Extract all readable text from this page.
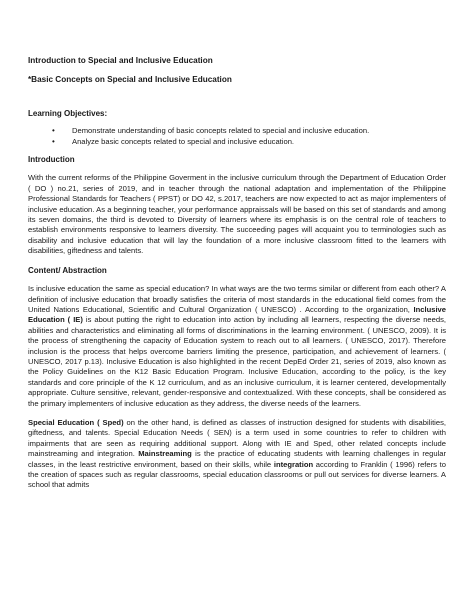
Introduction to Special and Inclusive Education
*Basic Concepts on Special and Inclusive Education
Learning Objectives:
• Demonstrate understanding of basic concepts related to special and inclusive education.
• Analyze basic concepts related to special and inclusive education.
Introduction

With the current reforms of the Philippine Goverment in the inclusive curriculum through the Department of Education Order ( DO ) no.21, series of 2019, and in teacher through the national adaptation and implementation of the Philippine Professional Standards for Teachers ( PPST) or DO 42, s.2017, teachers are now expected to act as major implementers of inclusive education. As a beginning teacher, your performance appraissals will be based on this set of standards and among its seven domains, the third is devoted to Diversity of learners where its emphasis is on the central role of teachers to establish environments responsive to learners diversity. The succeeding pages will acquaint you to terminologies such as disability and inclusive education that will lay the foundation of a more inclusive classroom fitted to the learners with disabilities, giftedness and talents.

Content/ Abstraction

Is inclusive education the same as special education? In what ways are the two terms similar or different from each other? A definition of inclusive education that broadly satisfies the criteria of most standards in the educational field comes from the United Nations Educational, Scientific and Cultural Organization ( UNESCO) . According to the organization, Inclusive Education ( IE) is about putting the right to education into action by including all learners, respecting the diverse needs, abilities and characteristics and eliminating all forms of discriminations in the learning environment. ( UNESCO, 2009). It is the process of strengthening the capacity of Education system to reach out to all learners. ( UNESCO, 2017). Therefore inclusion is the process that helps overcome barriers limiting the presence, participation, and achievement of learners. ( UNESCO, 2017 p.13). Inclusive Education is also highlighted in the recent DepEd Order 21, series of 2019, also known as the Policy Guidelines on the K12 Basic Education Program. Inclusive Education, according to the policy, is the key standards and core principle of the K 12 curriculum, and as an inclusive curriculum, it is learner centered, developmentally appropriate. Culture sensitive, relevant, gender-responsive and contextualized. With these concepts, shall be considered as the primary implementers of inclusive education as they address, the diverse needs of the learners.

Special Education ( Sped) on the other hand, is defined as classes of instruction designed for students with disabilities, giftedness, and talents. Special Education Needs ( SEN) is a term used in some countries to refer to children with impairments that are seen as requiring additional support. Along with IE and Sped, other related concepts include mainstreaming and integration. Mainstreaming is the practice of educating students with learning challenges in regular classes, in the least restrictive environment, based on their skills, while integration according to Franklin ( 1996) refers to the creation of spaces such as regular classrooms, special education classrooms or pull out services for diverse learners. A school that admits
